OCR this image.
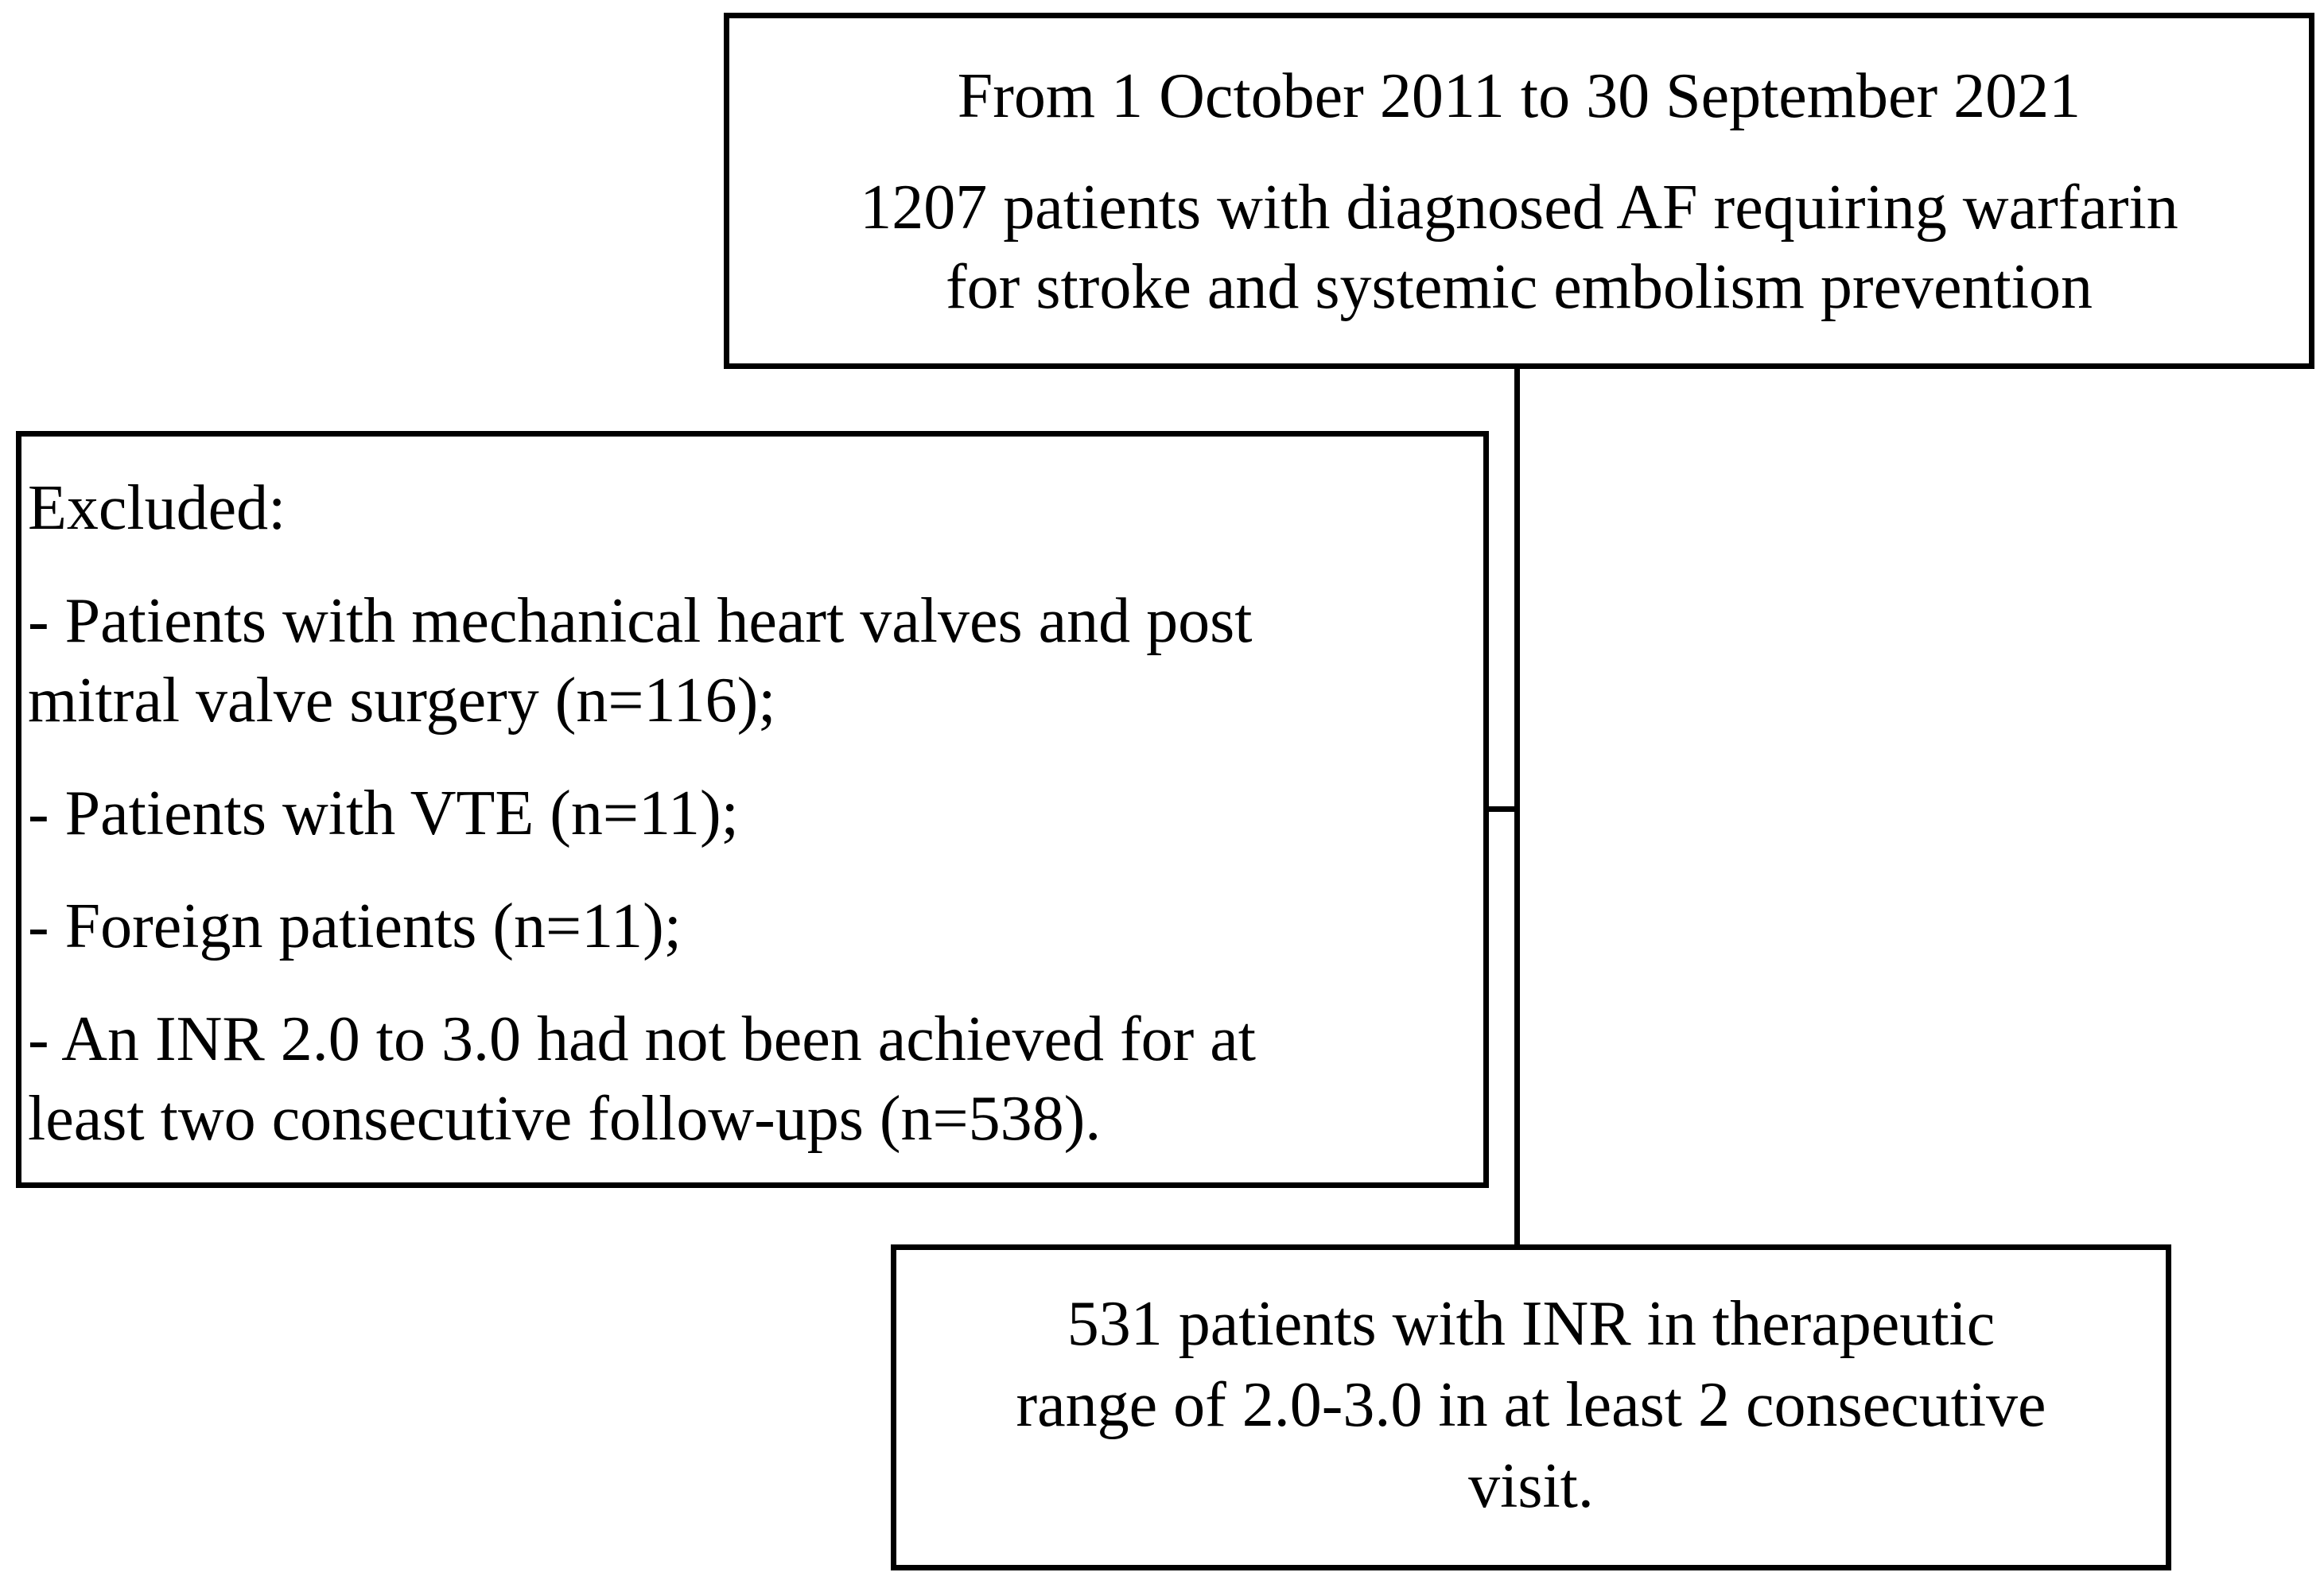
From 1 October 2011 to 30 September 2021
1207 patients with diagnosed AF requiring warfarin
for stroke and systemic embolism prevention
Excluded:
- Patients with mechanical heart valves and post
mitral valve surgery (n=116);
- Patients with VTE (n=11);
- Foreign patients (n=11);
- An INR 2.0 to 3.0 had not been achieved for at
least two consecutive follow-ups (n=538).
531 patients with INR in therapeutic
range of 2.0-3.0 in at least 2 consecutive
visit.
